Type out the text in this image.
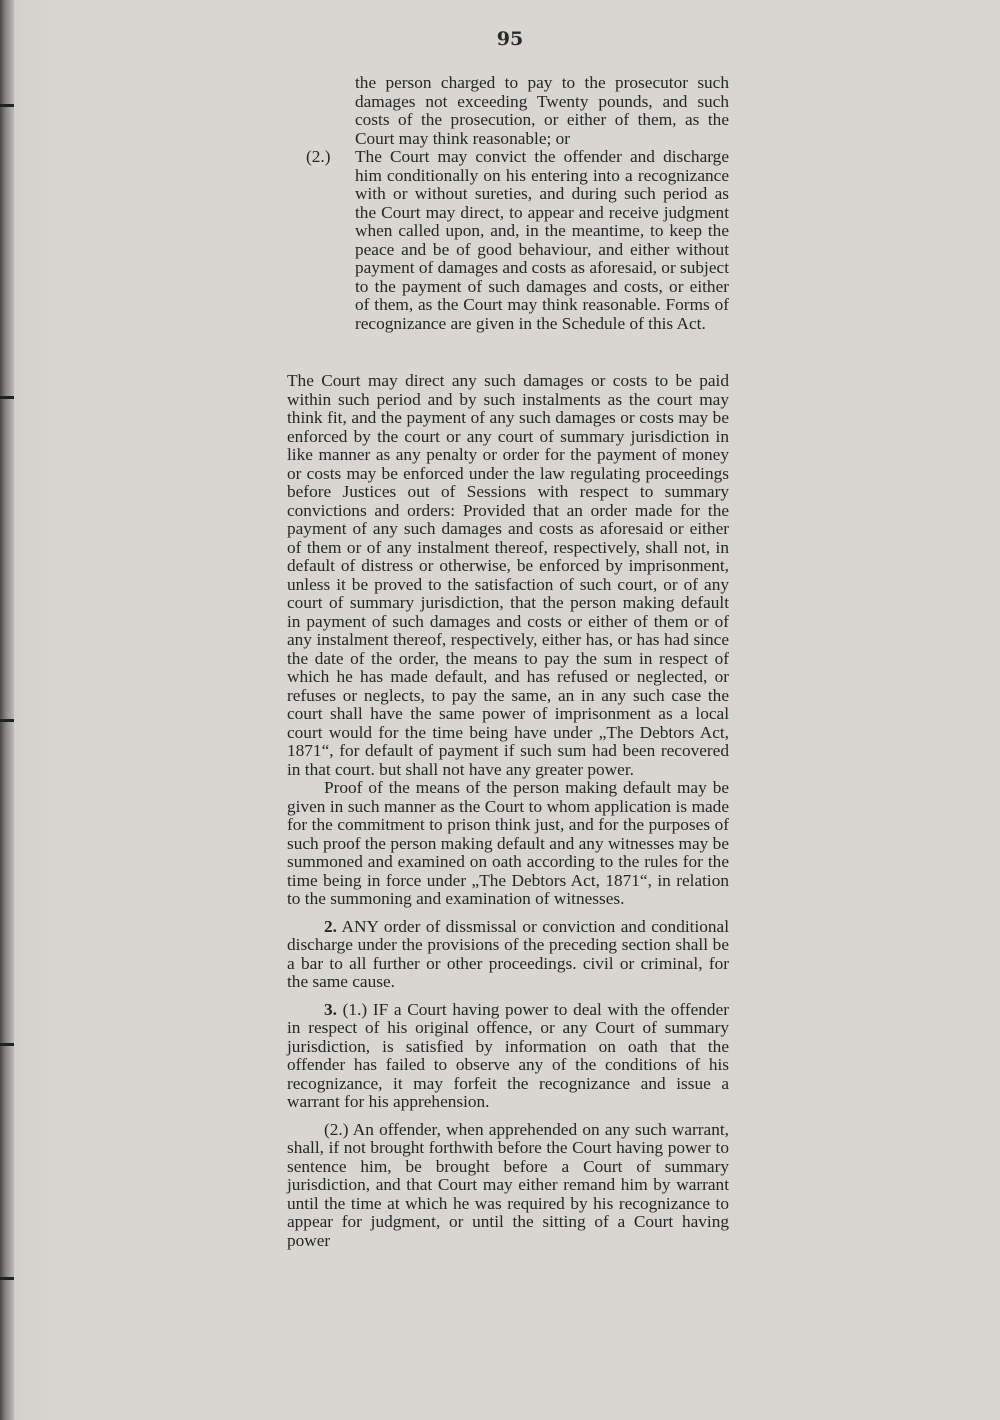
95

the person charged to pay to the prosecutor such damages not exceeding Twenty pounds, and such costs of the prosecution, or either of them, as the Court may think reasonable; or

(2.) The Court may convict the offender and discharge him conditionally on his entering into a recognizance with or without sureties, and during such period as the Court may direct, to appear and receive judgment when called upon, and, in the meantime, to keep the peace and be of good behaviour, and either without payment of damages and costs as aforesaid, or subject to the payment of such damages and costs, or either of them, as the Court may think reasonable. Forms of recognizance are given in the Schedule of this Act.

The Court may direct any such damages or costs to be paid within such period and by such instalments as the court may think fit, and the payment of any such damages or costs may be enforced by the court or any court of summary jurisdiction in like manner as any penalty or order for the payment of money or costs may be enforced under the law regulating proceedings before Justices out of Sessions with respect to summary convictions and orders: Provided that an order made for the payment of any such damages and costs as aforesaid or either of them or of any instalment thereof, respectively, shall not, in default of distress or otherwise, be enforced by imprisonment, unless it be proved to the satisfaction of such court, or of any court of summary jurisdiction, that the person making default in payment of such damages and costs or either of them or of any instalment thereof, respectively, either has, or has had since the date of the order, the means to pay the sum in respect of which he has made default, and has refused or neglected, or refuses or neglects, to pay the same, an in any such case the court shall have the same power of imprisonment as a local court would for the time being have under „The Debtors Act, 1871“, for default of payment if such sum had been recovered in that court. but shall not have any greater power.

Proof of the means of the person making default may be given in such manner as the Court to whom application is made for the commitment to prison think just, and for the purposes of such proof the person making default and any witnesses may be summoned and examined on oath according to the rules for the time being in force under „The Debtors Act, 1871“, in relation to the summoning and examination of witnesses.

2. ANY order of dissmissal or conviction and conditional discharge under the provisions of the preceding section shall be a bar to all further or other proceedings. civil or criminal, for the same cause.

3. (1.) IF a Court having power to deal with the offender in respect of his original offence, or any Court of summary jurisdiction, is satisfied by information on oath that the offender has failed to observe any of the conditions of his recognizance, it may forfeit the recognizance and issue a warrant for his apprehension.

(2.) An offender, when apprehended on any such warrant, shall, if not brought forthwith before the Court having power to sentence him, be brought before a Court of summary jurisdiction, and that Court may either remand him by warrant until the time at which he was required by his recognizance to appear for judgment, or until the sitting of a Court having power
